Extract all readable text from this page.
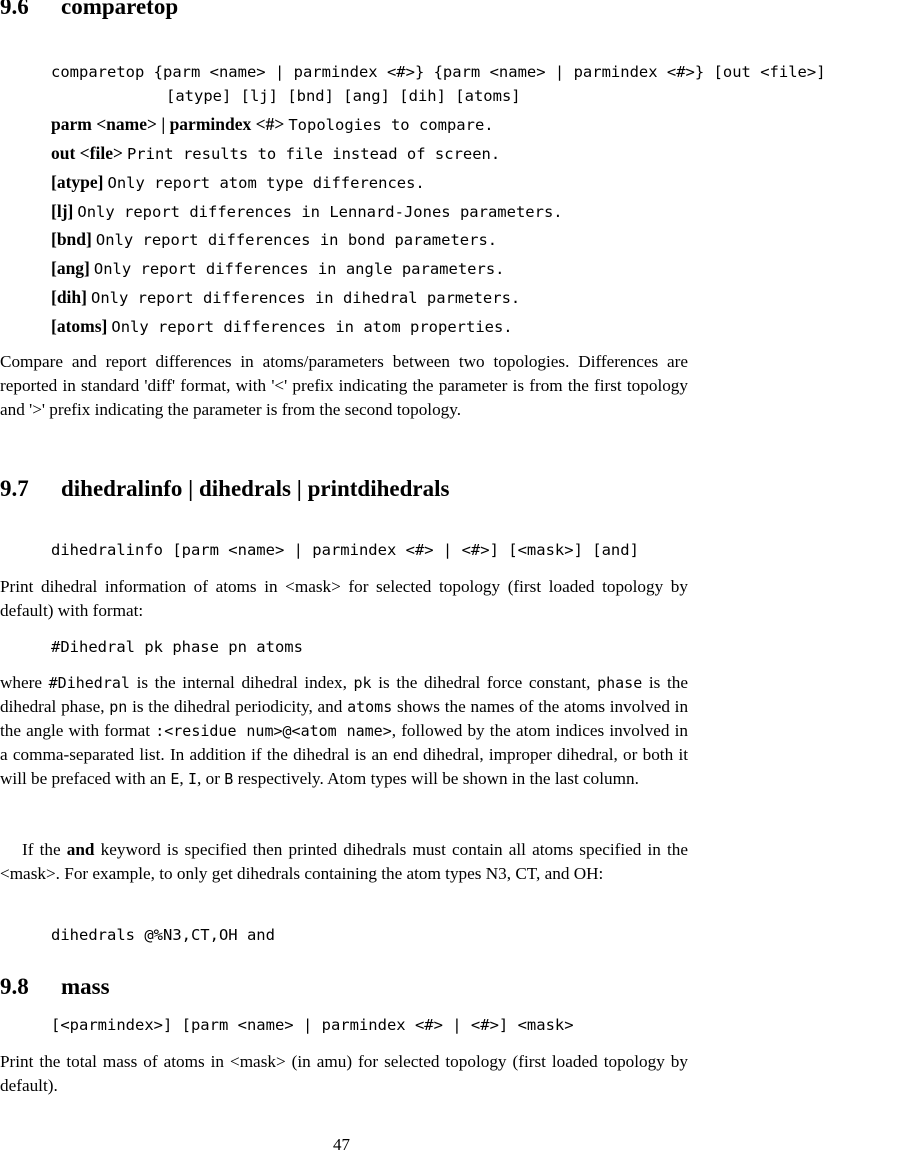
9.6 comparetop
comparetop {parm <name> | parmindex <#>} {parm <name> | parmindex <#>} [out <file>]
[atype] [lj] [bnd] [ang] [dih] [atoms]
parm <name> | parmindex <#> Topologies to compare.
out <file> Print results to file instead of screen.
[atype] Only report atom type differences.
[lj] Only report differences in Lennard-Jones parameters.
[bnd] Only report differences in bond parameters.
[ang] Only report differences in angle parameters.
[dih] Only report differences in dihedral parmeters.
[atoms] Only report differences in atom properties.
Compare and report differences in atoms/parameters between two topologies. Differences are reported in standard 'diff' format, with '<' prefix indicating the parameter is from the first topology and '>' prefix indicating the parameter is from the second topology.
9.7 dihedralinfo | dihedrals | printdihedrals
dihedralinfo [parm <name> | parmindex <#> | <#>] [<mask>] [and]
Print dihedral information of atoms in <mask> for selected topology (first loaded topology by default) with format:
#Dihedral pk phase pn atoms
where #Dihedral is the internal dihedral index, pk is the dihedral force constant, phase is the dihedral phase, pn is the dihedral periodicity, and atoms shows the names of the atoms involved in the angle with format :<residue num>@<atom name>, followed by the atom indices involved in a comma-separated list. In addition if the dihedral is an end dihedral, improper dihedral, or both it will be prefaced with an E, I, or B respectively. Atom types will be shown in the last column.
If the and keyword is specified then printed dihedrals must contain all atoms specified in the <mask>. For example, to only get dihedrals containing the atom types N3, CT, and OH:
dihedrals @%N3,CT,OH and
9.8 mass
[<parmindex>] [parm <name> | parmindex <#> | <#>] <mask>
Print the total mass of atoms in <mask> (in amu) for selected topology (first loaded topology by default).
47
